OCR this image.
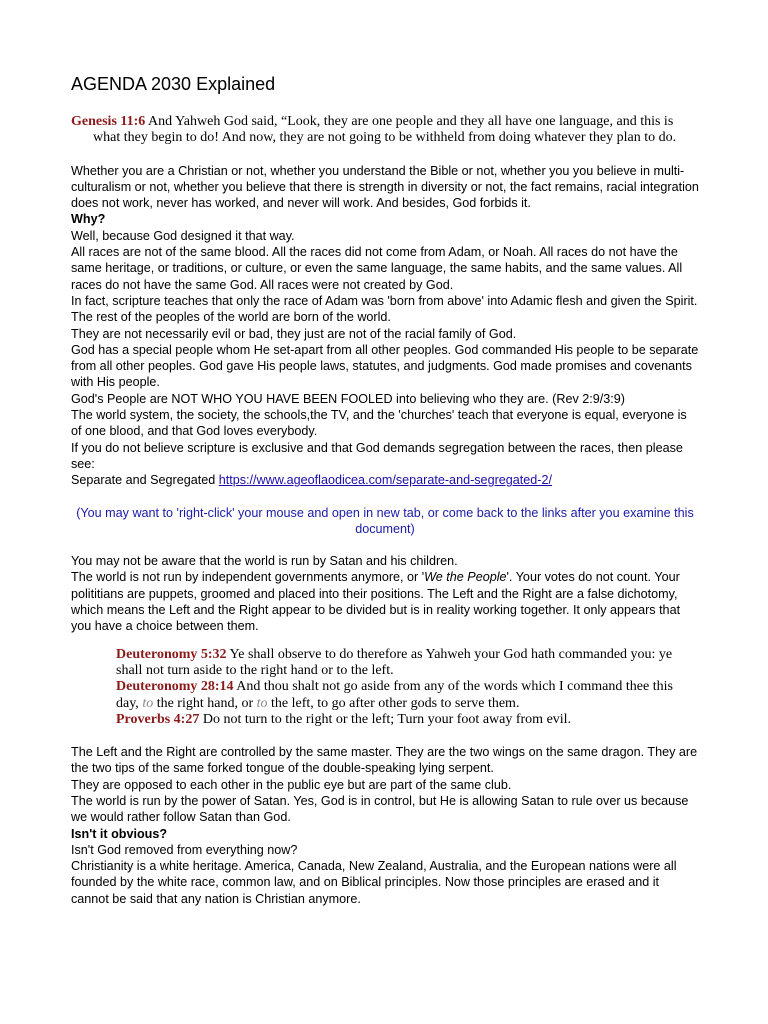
AGENDA 2030 Explained

Genesis 11:6 And Yahweh God said, “Look, they are one people and they all have one language, and this is what they begin to do! And now, they are not going to be withheld from doing whatever they plan to do.

Whether you are a Christian or not, whether you understand the Bible or not, whether you you believe in multi-culturalism or not, whether you believe that there is strength in diversity or not, the fact remains, racial integration does not work, never has worked, and never will work. And besides, God forbids it.

Why?

Well, because God designed it that way.

All races are not of the same blood. All the races did not come from Adam, or Noah. All races do not have the same heritage, or traditions, or culture, or even the same language, the same habits, and the same values. All races do not have the same God. All races were not created by God.

In fact, scripture teaches that only the race of Adam was 'born from above' into Adamic flesh and given the Spirit. The rest of the peoples of the world are born of the world.

They are not necessarily evil or bad, they just are not of the racial family of God.

God has a special people whom He set-apart from all other peoples. God commanded His people to be separate from all other peoples. God gave His people laws, statutes, and judgments. God made promises and covenants with His people.

God's People are NOT WHO YOU HAVE BEEN FOOLED into believing who they are. (Rev 2:9/3:9)

The world system, the society, the schools,the TV, and the 'churches' teach that everyone is equal, everyone is of one blood, and that God loves everybody.

If you do not believe scripture is exclusive and that God demands segregation between the races, then please see:

Separate and Segregated https://www.ageoflaodicea.com/separate-and-segregated-2/

(You may want to 'right-click' your mouse and open in new tab, or come back to the links after you examine this document)

You may not be aware that the world is run by Satan and his children.

The world is not run by independent governments anymore, or 'We the People'. Your votes do not count. Your polititians are puppets, groomed and placed into their positions. The Left and the Right are a false dichotomy, which means the Left and the Right appear to be divided but is in reality working together. It only appears that you have a choice between them.

Deuteronomy 5:32 Ye shall observe to do therefore as Yahweh your God hath commanded you: ye shall not turn aside to the right hand or to the left.

Deuteronomy 28:14 And thou shalt not go aside from any of the words which I command thee this day, to the right hand, or to the left, to go after other gods to serve them.

Proverbs 4:27 Do not turn to the right or the left; Turn your foot away from evil.

The Left and the Right are controlled by the same master. They are the two wings on the same dragon. They are the two tips of the same forked tongue of the double-speaking lying serpent.

They are opposed to each other in the public eye but are part of the same club.

The world is run by the power of Satan. Yes, God is in control, but He is allowing Satan to rule over us because we would rather follow Satan than God.

Isn't it obvious?

Isn't God removed from everything now?

Christianity is a white heritage. America, Canada, New Zealand, Australia, and the European nations were all founded by the white race, common law, and on Biblical principles. Now those principles are erased and it cannot be said that any nation is Christian anymore.
